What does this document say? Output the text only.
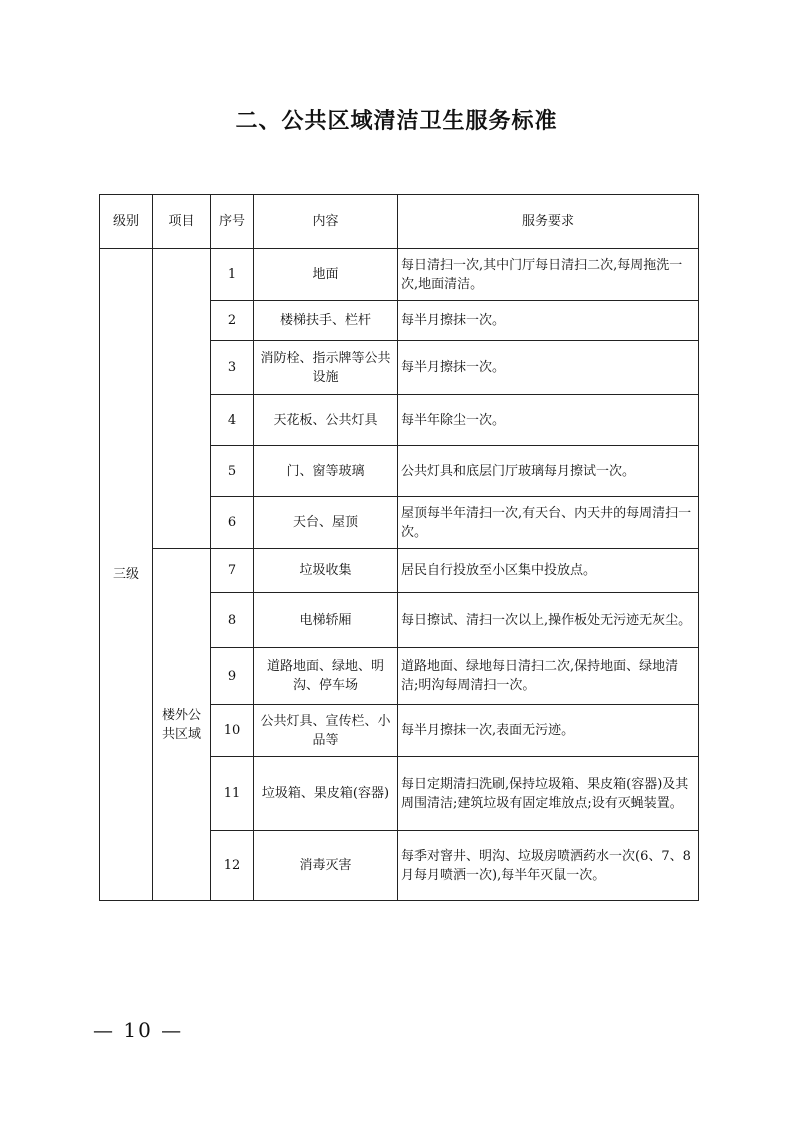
二、公共区域清洁卫生服务标准
级别	项目	序号	内容	服务要求
三级		1	地面	每日清扫一次,其中门厅每日清扫二次,每周拖洗一次,地面清洁。
		2	楼梯扶手、栏杆	每半月擦抹一次。
		3	消防栓、指示牌等公共设施	每半月擦抹一次。
		4	天花板、公共灯具	每半年除尘一次。
		5	门、窗等玻璃	公共灯具和底层门厅玻璃每月擦试一次。
		6	天台、屋顶	屋顶每半年清扫一次,有天台、内天井的每周清扫一次。
	楼外公共区域	7	垃圾收集	居民自行投放至小区集中投放点。
		8	电梯轿厢	每日擦试、清扫一次以上,操作板处无污迹无灰尘。
		9	道路地面、绿地、明沟、停车场	道路地面、绿地每日清扫二次,保持地面、绿地清洁;明沟每周清扫一次。
		10	公共灯具、宣传栏、小品等	每半月擦抹一次,表面无污迹。
		11	垃圾箱、果皮箱(容器)	每日定期清扫洗刷,保持垃圾箱、果皮箱(容器)及其周围清洁;建筑垃圾有固定堆放点;设有灭蝇装置。
		12	消毒灭害	每季对窨井、明沟、垃圾房喷洒药水一次(6、7、8月每月喷洒一次),每半年灭鼠一次。
— 10 —
